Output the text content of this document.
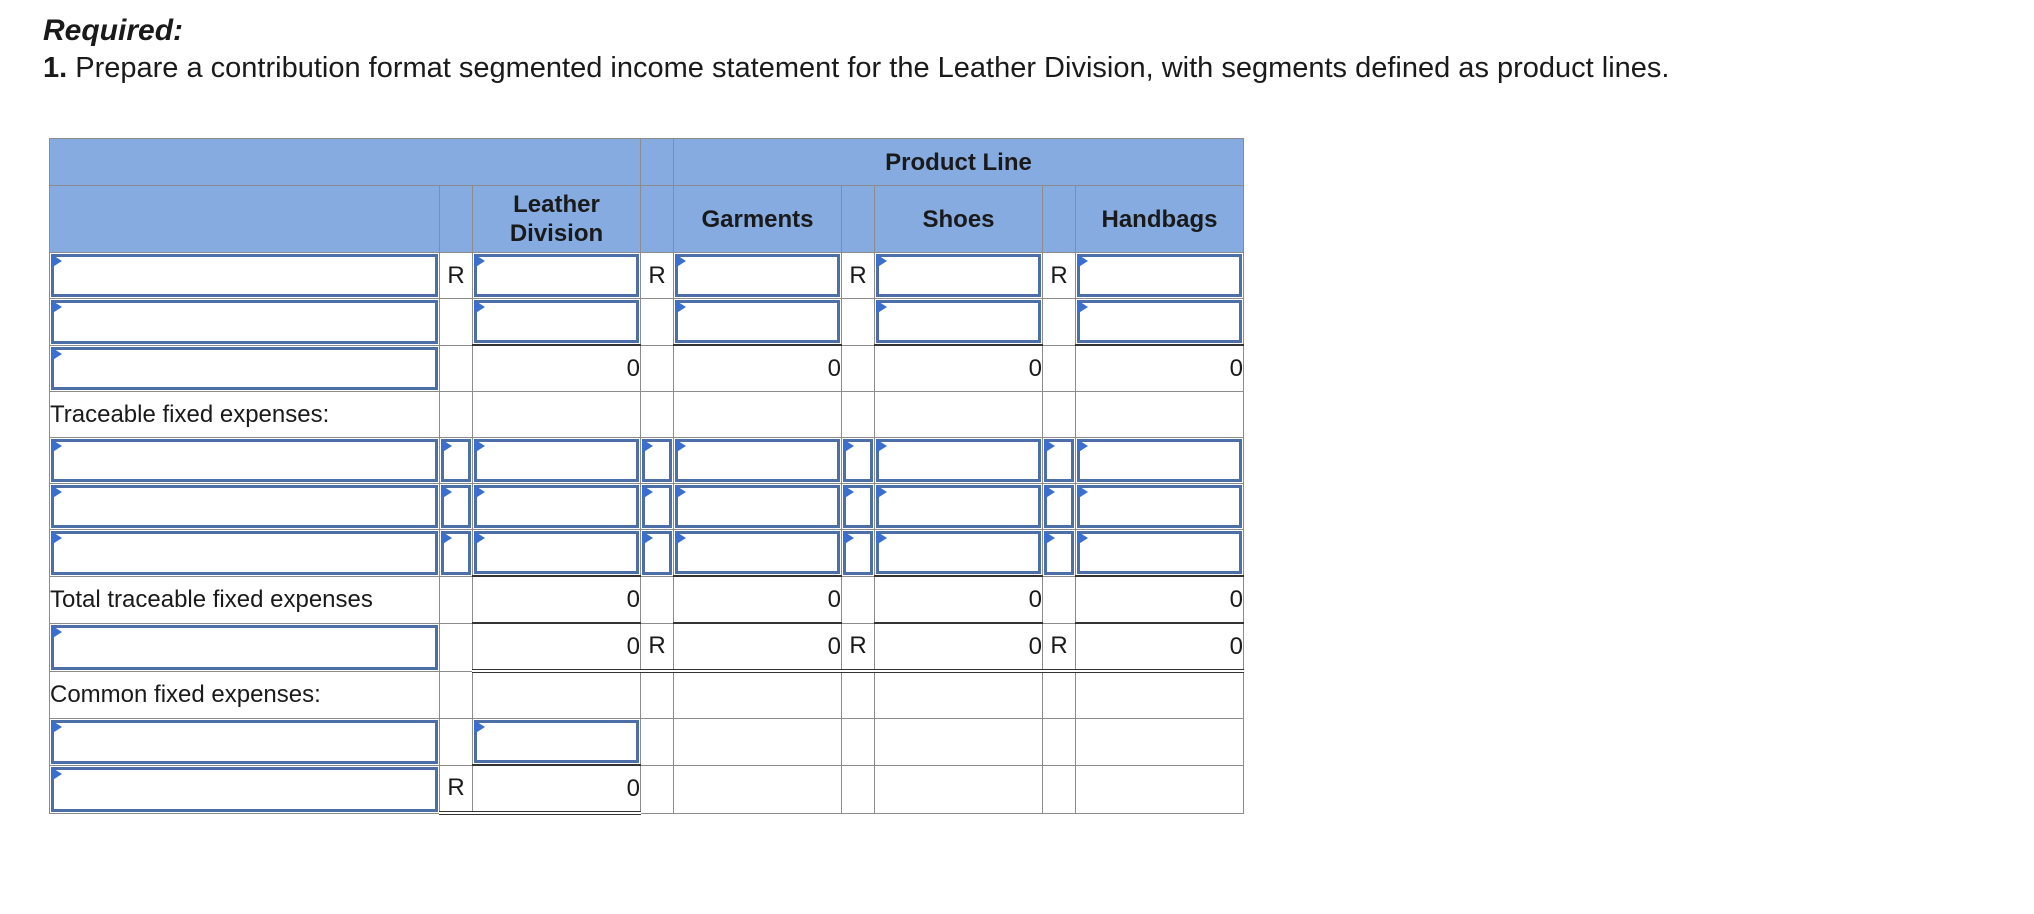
Required:
1. Prepare a contribution format segmented income statement for the Leather Division, with segments defined as product lines.
				Product Line				
		Leather
Division		Garments		Shoes		Handbags

	R		R		R		R	

		0		0		0		0
Traceable fixed expenses:								

Total traceable fixed expenses		0		0		0		0

		0	R	0	R	0	R	0
Common fixed expenses:								

	R	0						
